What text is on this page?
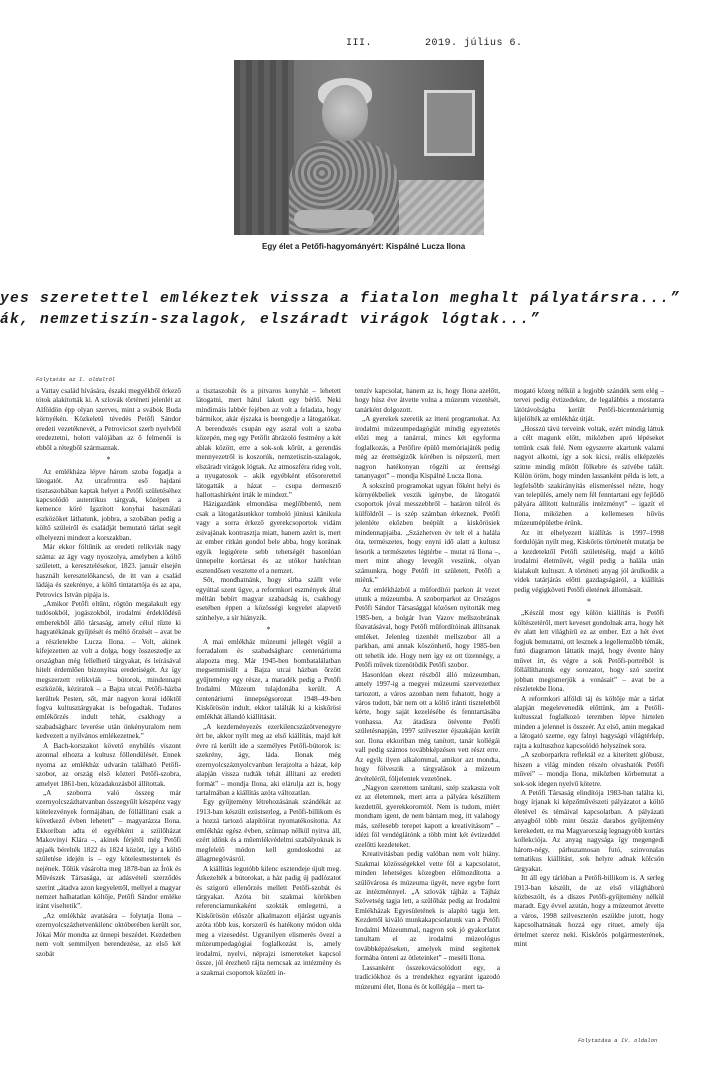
III.	2019. július 6.
Egy élet a Petőfi-hagyományért: Kispálné Lucza Ilona
yes szeretettel emlékeztek vissza a fiatalon meghalt pályatársra...”
ák, nemzetiszín-szalagok, elszáradt virágok lógtak...”
Folytatás az I. oldalról

a Vattay család hívására, északi megyékből érkező tótok alakították ki. A szlovák történeti jelenlét az Alföldön épp olyan szerves, mint a svábok Buda környékén. Közkeletű tévedés Petőfi Sándor eredeti vezetéknevét, a Petrovicsot szerb nyelvből eredeztetni, holott valójában az ő felmenői is ebből a rétegből származnak.

*

Az emlékháza lépve három szoba fogadja a látogatót. Az utcafrontra eső hajdani tisztaszobában kaptak helyet a Petőfi születéséhez kapcsolódó autentikus tárgyak, középen a kemence köré Igazított konyhai használati eszközöket láthatunk, jobbra, a szobában pedig a költő szüleiről és családját bemutató tárlat segít elhelyezni mindezt a korszakban.

Már ekkor föltűnik az eredeti relikviák nagy száma: az ágy vagy nyoszolya, amelyben a költő született, a keresztelésekor, 1823. január elsején használt keresztelőkancsó, de itt van a család ládája és szekrénye, a költő tintatartója és az apa, Petrovics István pipája is.

„Amikor Petőfi eltűnt, rögtön megalakult egy tudósokból, jogászokból, irodalmi érdeklődésű emberekből álló társaság, amely célul tűzte ki hagyatékának gyűjtését és méltó őrzését – avat be a részletekbe Lucza Ilona. – Volt, akinek kifejezetten az volt a dolga, hogy összeszedje az országban még fellelhető tárgyakat, és leírásával hitelt érdemlően bizonyítsa eredetiségét. Az így megszerzett relikviák – bútorok, mindennapi eszközök, kéziratok – a Bajza utcai Petőfi-házba kerültek Pesten, sőt, már nagyon korai időktől fogva kultusztárgyakat is befogadtak. Tudatos emlékőrzés indult tehát, csakhogy a szabadságharc leverése után önkényuralom nem kedvezett a nyilvános emlékezetnek.”

A Bach-korszakot követő enyhülés viszont azonnal elhozta a kultusz föllendülését. Ennek nyoma az emlékház udvarán található Petőfi-szobor, az ország első közteri Petőfi-szobra, amelyet 1861-ben, közadakozásból állítottak.

„A szoborra való összeg már ezernyolcszázhatvanban összegyűlt készpénz vagy kötelezvények formájában, de föllállítani csak a következő évben lehetett” – magyarázza Ilona. Ekkoriban adta el egyébként a szülőházat Makovinyi Klára –, akinek férjétől még Petőfi apjaék bérelték 1822 és 1824 között, így a költő születése idején is – egy kötelesmesternek és nejének. Tőlük vásárolta meg 1878-ban az Írók és Művészek Társasága, az adásvételi szerződés szerint „átadva azon kegyelettől, mellyel a magyar nemzet halhatatlan költője, Petőfi Sándor emléke iránt viseltetik”.

„Az emlékház avatására – folytatja Ilona – ezernyolcszázhetvenkilenc októberében került sor, Jókai Mór mondta az ünnepi beszédet. Kezdetben nem volt semmilyen berendezése, az első két szobát

a tisztaszobát és a pitvaros konyhát – lehetett látogatni, mert hátul lakott egy bérlő. Neki mindimáis labbér fejében az volt a feladata, hogy bármikor, akár éjszaka is beengedje a látogatókat. A berendezés csupán egy asztal volt a szoba közepén, meg egy Petőfit ábrázoló festmény a két ablak között, erre a sok-sok kőrüt, a gerendás mennyezetről is koszorúk, nemzetiszín-szalagok, elszáradt virágok lógtak. Az atmoszféra rideg volt, a nyugatosok – akik egyébként elősorerettel látogatták a házat – csupa dermesztő hallottashírként írták le mindezt.”

Házigazdánk elmondása meglőbbentő, nem csak a látogatásunkkor tomboló júniusi kánikula vagy a sorra érkező gyerekcsoportok vidám zsivajának kontrasztja miatt, hanem azért is, mert az ember ritkán gondol bele abba, hogy korának egyik legigérete sebb tehetségét hasonlóan ünnepelte kortársat és az utókor hatéchtan esztendősen vesztette el a nemzet.

Sőt, mondhatnánk, hogy sírba szállt vele egyúttal szent ügye, a reformkori eszmények által méltán bebírt magyar szabadság is, csakhogy esetében éppen a közösségi kegyelet alapvető színhelye, a sír hiányzik.

*

A mai emlékház múzeumi jellegét végül a forradalom és szabadságharc centenáriuma alapozta meg. Már 1945-ben bombatalálatban megsemmisült a Bajza utcai házban őrzött gyűjtemény egy része, a maradék pedig a Petőfi Irodalmi Múzeum tulajdonába került. A centenáriumi ünnepségsorozat 1948–49-ben Kiskőrösön indult, ekkor találták ki a kiskőrösi emlékhát állandó kiállítását.

„A kezdeményezés ezerkilencszázötvenegyre ért be, akkor nyílt meg az első kiállítás, majd két évre rá került ide a személyes Petőfi-bútorok is: szekrény, ágy, láda. Ilonak még ezernyolcszáznyolcvanban lerajzolta a házat, kép alapján vissza tudták tehát állítani az eredeti formát” – mondja Ilona, aki elárulja azt is, hogy tartalmában a kiállítás azóta változatlan.

Egy gyűjtemény létrehozásának szándékát az 1913-ban készült ezüstserleg, a Petőfi-billikom és a hozzá tartozó alapítóirat nyomatékosította. Az emlékház egész évben, szünnap nélkül nyitva áll, ezért időnk és a műemlékvédelmi szabályoknak is megfelelő módon kell gondoskodni az állagmegóvásról.

A kiállítás legutóbb kilenc esztendeje újult meg. Átkezelték a bútorokat, a ház padig új padlózatot és szigorú ellenőrzés mellett Petőfi-szobát és tárgyakat. Azóta bit szakmai körökben referenciamunkaként szokták emlegetni, a Kiskőrösön először alkalmazott eljárást ugyanis azóta több kus, korszerű és hatékony módon olda meg a vizesedést. Ugyanilyen elismerés övezi a múzeumpedagógiai foglalkozást is, amely irodalmi, nyelvi, néprajzi ismereteket kapcsol össze, jól érezhető rájta nemcsak az intézmény és a szakmai csoportok közötti in-

tenzív kapcsolat, hanem az is, hogy Ilona azelőtt, hogy húsz éve átvette volna a múzeum vezetését, tanárként dolgozott.

„A gyerekek szeretik az itteni programokat. Az irodalmi múzeumpedagógiát mindig egyeztetés előzi meg a tanárral, mincs két egyforma foglalkozás, a Petőfire épülő memóriajáték pedig még az érettségizők körében is népszerű, mert nagyon hatékonyan rögzíti az érettségi tananyagot” – mondja Kispálné Lucza Ilona.

A sokszínű programokat ugyan főként helyi és környékbeliek veszik igénybe, de látogatói csoportok jóval messzebbről – határon túlról és külföldről – is szép számban érkeznek. Petőfi jelenléte ekőzben beépült a kiskőrösiek mindennapjaiba. „Százhetven év telt el a halála óta, természetes, hogy enyni idő alatt a kultusz lesorik a természetes légtérbe – mutat rá Ilona –, mert mint ahogy levegőt veszünk, olyan számunkra, hogy Petőfi itt született, Petőfi a miénk.”

Az emlékházból a műfordítói parkon át vezet utunk a múzeumba. A szoborparkot az Országos Petőfi Sándor Társasággal közösen nyitották meg 1985-ben, a bolgár Ivan Vazov mellszobrának föavatásával, hogy Petőfi műfordítóinak állítsanak emléket. Jelenleg tizenhét mellszobor áll a parkban, ami annak köszönhető, hogy 1985-ben ott tehetik ide. Hogy nem így ez ott tizennégy, a Petőfi művek tizenötödik Petőfi szobor.

Hasonlóan ekezt részből álló múzeumban, amely 1997-ig a megyei múzeumi szervezethez tartozott, a város azonban nem fuhatott, hogy a város tudott, bár nem ott a költő iránti tiszteletből kérte, hogy saját kezelésébe és fenntartásába vonhassa. Az átadásra ötévente Petőfi születésnapján, 1997 szilveszter éjszakáján került sor. Ilona ekkoriban még tanított, tanár kollégái vall pedig számos továbbképzésen vett részt erre. Az egyik ilyen alkalommal, amikor azt mondta, hogy fölveszik a tárgyalások a múzeum átvételéről, följelentek vezetőnek.

„Nagyon szerettem tanítani, szép szakasza volt ez az életemnek, mert arra a pályára készültem kezdettől, gyerekkoromtól. Nem is tudom, miért mondtam igent, de nem bántam meg, itt valahogy más, szélesebb terepet kapott a kreativitásom” – idézi föl vendéglátónk a több mint két évtizeddel ezelőtti kezdeteket.

Kreativitásban pedig valóban nem volt hiány. Szakmai közösségekkel vette föl a kapcsolatot, minden lehetséges közegben előmozdította a szülővárosa és múzeuma ügyét, neve egybe forrt az intézménnyel. „A szlovák tájház a Tájház Szövetség tagja lett, a szülőház pedig az Irodalmi Emlékházak Egyesületének is alapító tagja lett. Kezdettől kiváló munkakapcsolatunk van a Petőfi Irodalmi Múzeummal, nagyon sok jó gyakorlatot tanultam el az irodalmi múzeológus továbbképzéseken, amelyek mind segítettek formába önteni az ötleteinket” – meséli Ilona.

Lassanként összekovácsolódott egy, a tradíciókhoz és a trendekhez egyaránt igazodó múzeumi élet, Ilona és öt kollégája – mert ta-

mogató közeg nélkül a legjobb szándék sem elég – tervei pedig évtizedekre, de legalábbis a mostanra látótávolságba került Petőfi-bicentenáriumig kijelölték az emlékház útját.

„Hosszú távú terveink voltak, ezért mindig láttuk a célt magunk előtt, miközben apró lépéseket tettünk csak felé. Nem egyszerre akartunk valami nagyot alkotni, így a sok kicsi, reális elképzelés szinte mindig műtött fölkebre és szívébe talált. Külön öröm, hogy minden lassanként példa is lett, a legfelsőbb szakirányítás elismeréssel nézte, hogy van település, amely nem fél fenntartani egy fejlődő pályára állított kulturális intézményt” – igazít el Ilona, miközben a kellemesen hűvös múzeumépületbe érünk.

Az itt elhelyezett kiállítás is 1997–1998 fordulóján nyílt meg, Kiskőrös történetét mutatja be a kezdetektől Petőfi születéséig, majd a költő irodalmi életművét, végül pedig a halála után kialakult kultuszt. A történeti anyag jól árulkodik a videk tatárjárás előtti gazdagságáról, a kiállítás pedig végigkövetí Petőfi életének állomásait.

*

„Készül most egy külön kiállítás is Petőfi költészetéről, mert keveset gondolnak arra, hogy hét év alatt lett világhírű ez az ember. Ezt a hét évet fogjuk bemutatni, ott lesznek a legellemzőbb témák, futó diagramon láttatik majd, hogy évente hány művet írt, és végre a sok Petőfi-portréból is föllállíthatunk egy sorozatot, hogy szó szerint jobban megismerjük a vonásait” – avat be a részletekbe Ilona.

A reformkori alföldi táj és költője már a tárlat alapján megelevenedik előttünk, ám a Petőfi-kultusszal foglalkozó teremben lépve hirtelen minden a jelennel is összeér. Az első, amin megakad a látogató szeme, egy falnyi hagyságú világtérkép, rajta a kultuszhoz kapcsolódó helyszínek sora.

„A szoborparkra reflektál ez a kiterített glóbusz, hiszen a világ minden részén olvashatók Petőfi művei” – mondja Ilona, miközben körbemutat a sok-sok idegen nyelvű kötetre.

A Petőfi Társaság elindítója 1983-ban találta ki, hogy írjanak ki képzőművészeti pályázatot a költő életével és témáival kapcsolatban. A pályázati anyagból több mint ötszáz darabos gyűjtemény kerekedett, ez ma Magyarország legnagyobb kortárs kollekciója. Az anyag nagysága így megengedi három-négy, párhuzamosan futó, szinvonalas tematikus kiállítást, sok helyre adnak kölcsön tárgyakat.

Itt áll egy tárlóban a Petőfi-billikom is. A serleg 1913-ban készült, de az első világháború közbeszólt, és a díszes Petőfi-gyűjtemény nélkül maradt. Egy évvel azután, hogy a múzeumot átvette a város, 1998 szilveszterén eszükbe jutott, hogy kapcsolhatnának hozzá egy rituet, amely úja értelmet szerez neki. Kiskőrös polgármesterének, mint

Folytatása a IV. oldalon
